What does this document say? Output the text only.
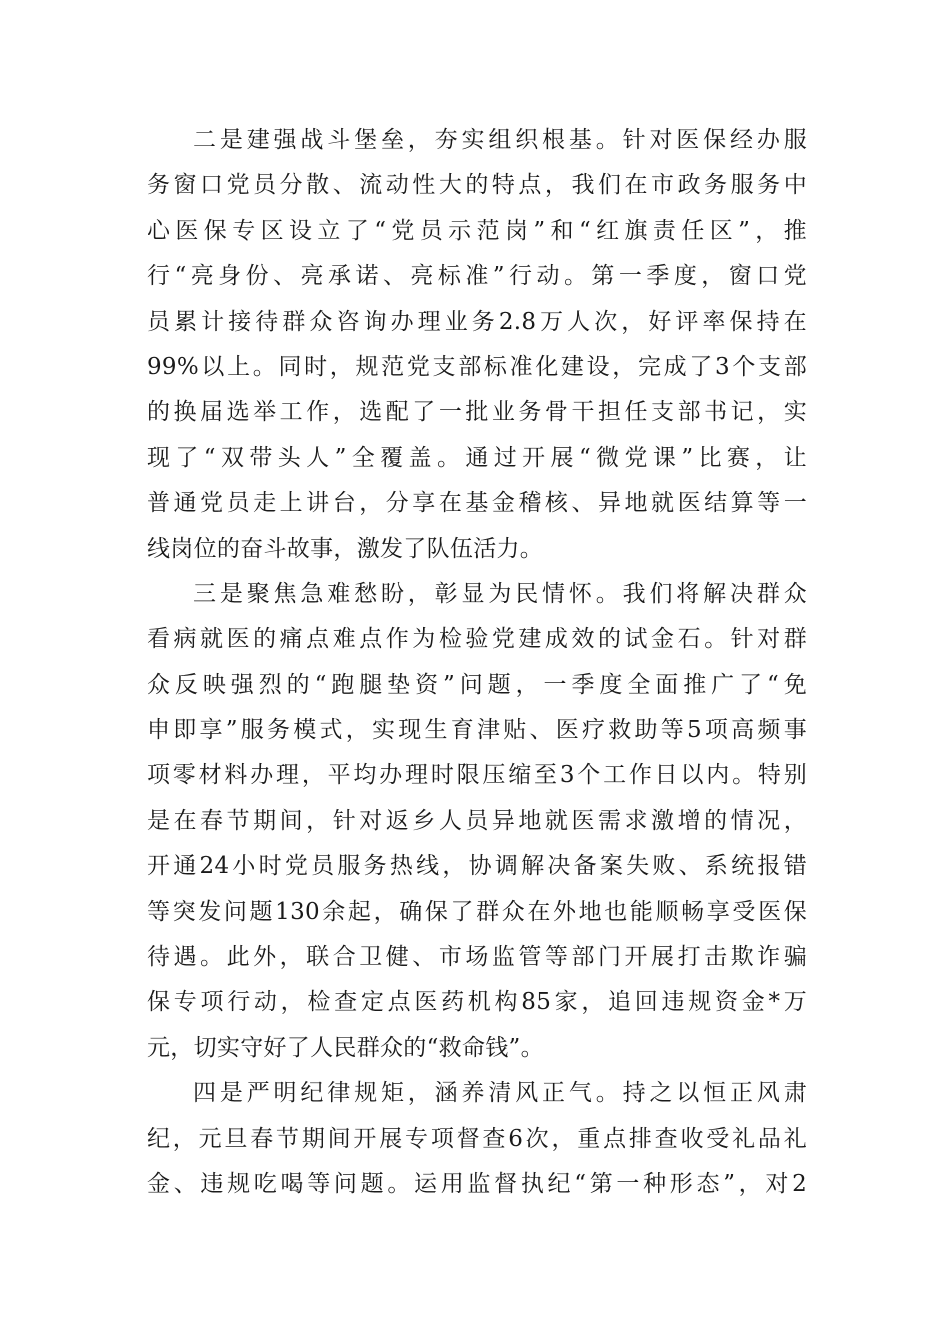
二是建强战斗堡垒，夯实组织根基。针对医保经办服
务窗口党员分散、流动性大的特点，我们在市政务服务中
心医保专区设立了“党员示范岗”和“红旗责任区”，推
行“亮身份、亮承诺、亮标准”行动。第一季度，窗口党
员累计接待群众咨询办理业务2.8万人次，好评率保持在
99%以上。同时，规范党支部标准化建设，完成了3个支部
的换届选举工作，选配了一批业务骨干担任支部书记，实
现了“双带头人”全覆盖。通过开展“微党课”比赛，让
普通党员走上讲台，分享在基金稽核、异地就医结算等一
线岗位的奋斗故事，激发了队伍活力。
三是聚焦急难愁盼，彰显为民情怀。我们将解决群众
看病就医的痛点难点作为检验党建成效的试金石。针对群
众反映强烈的“跑腿垫资”问题，一季度全面推广了“免
申即享”服务模式，实现生育津贴、医疗救助等5项高频事
项零材料办理，平均办理时限压缩至3个工作日以内。特别
是在春节期间，针对返乡人员异地就医需求激增的情况，
开通24小时党员服务热线，协调解决备案失败、系统报错
等突发问题130余起，确保了群众在外地也能顺畅享受医保
待遇。此外，联合卫健、市场监管等部门开展打击欺诈骗
保专项行动，检查定点医药机构85家，追回违规资金*万
元，切实守好了人民群众的“救命钱”。
四是严明纪律规矩，涵养清风正气。持之以恒正风肃
纪，元旦春节期间开展专项督查6次，重点排查收受礼品礼
金、违规吃喝等问题。运用监督执纪“第一种形态”，对2
